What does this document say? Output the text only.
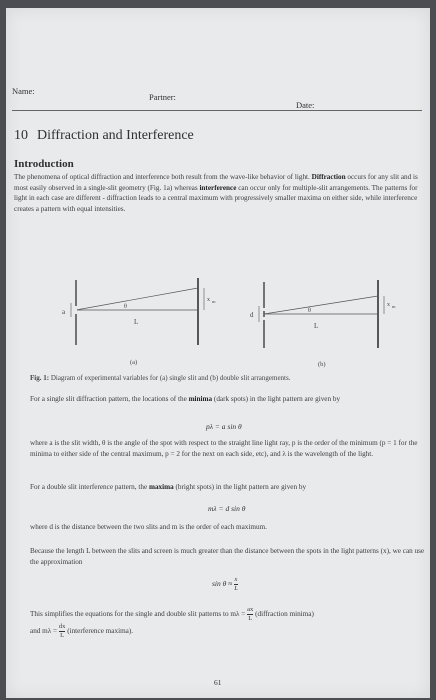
Name:
Partner:
Date:
10 Diffraction and Interference
Introduction
The phenomena of optical diffraction and interference both result from the wave-like behavior of light. Diffraction occurs for any slit and is most easily observed in a single-slit geometry (Fig. 1a) whereas interference can occur only for multiple-slit arrangements. The patterns for light in each case are different - diffraction leads to a central maximum with progressively smaller maxima on either side, while interference creates a pattern with equal intensities.
a
θ
L
x m
(a)
d	θ
L
x m
(b)
Fig. 1: Diagram of experimental variables for (a) single slit and (b) double slit arrangements.
For a single slit diffraction pattern, the locations of the minima (dark spots) in the light pattern are given by
pλ = a sin θ
where a is the slit width, θ is the angle of the spot with respect to the straight line light ray, p is the order of the minimum (p = 1 for the minima to either side of the central maximum, p = 2 for the next on each side, etc), and λ is the wavelength of the light.
For a double slit interference pattern, the maxima (bright spots) in the light pattern are given by
mλ = d sin θ
where d is the distance between the two slits and m is the order of each maximum.
Because the length L between the slits and screen is much greater than the distance between the spots in the light patterns (x), we can use the approximation
$\sin \theta \approx \frac{x}{L}$
This simplifies the equations for the single and double slit patterns to $m\lambda = \frac{ax}{L}$ (diffraction minima)
and $m\lambda = \frac{dx}{L}$ (interference maxima).
61
